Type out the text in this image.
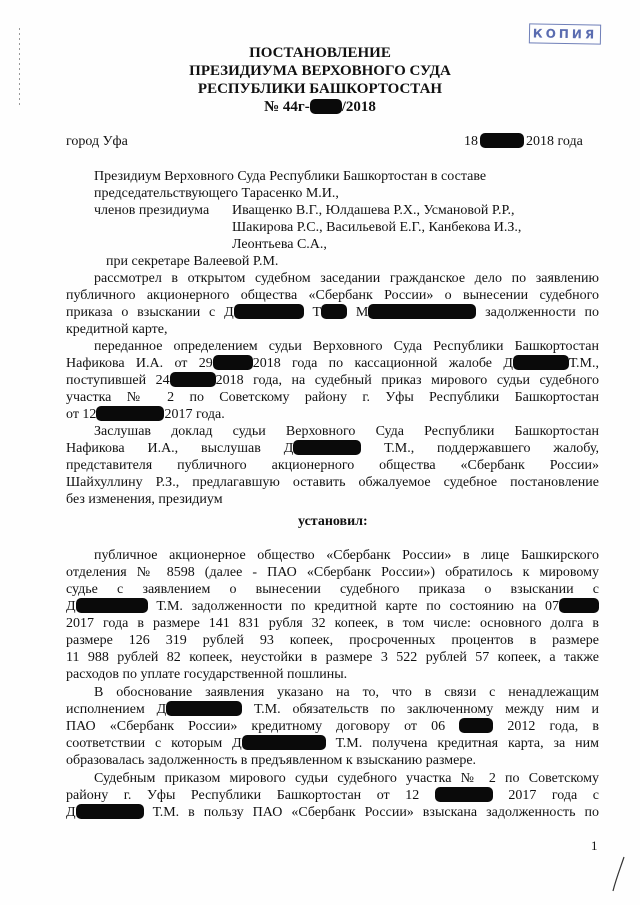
КОПИЯ
ПОСТАНОВЛЕНИЕ
ПРЕЗИДИУМА ВЕРХОВНОГО СУДА
РЕСПУБЛИКИ БАШКОРТОСТАН
№ 44г- /2018
город Уфа	18	2018 года
Президиум Верховного Суда Республики Башкортостан в составе
председательствующего Тарасенко М.И.,
членов президиума Иващенко В.Г., Юлдашева Р.Х., Усмановой Р.Р.,
Шакирова Р.С., Васильевой Е.Г., Канбекова И.З.,
Леонтьева С.А.,
при секретаре Валеевой Р.М.
рассмотрел в открытом судебном заседании гражданское дело по заявлению
публичного акционерного общества «Сбербанк России» о вынесении судебного
приказа о взыскании с Д	Т М	задолженности по
кредитной карте,
переданное определением судьи Верховного Суда Республики Башкортостан
Нафикова И.А. от 29	2018 года по кассационной жалобе Д	Т.М.,
поступившей 24	2018 года, на судебный приказ мирового судьи судебного
участка № 2 по Советскому району г. Уфы Республики Башкортостан
от 12	2017 года.
Заслушав доклад судьи Верховного Суда Республики Башкортостан
Нафикова И.А., выслушав Д	Т.М., поддержавшего жалобу,
представителя публичного акционерного общества «Сбербанк России»
Шайхуллину Р.З., предлагавшую оставить обжалуемое судебное постановление
без изменения, президиум
установил:
публичное акционерное общество «Сбербанк России» в лице Башкирского
отделения № 8598 (далее - ПАО «Сбербанк России») обратилось к мировому
судье с заявлением о вынесении судебного приказа о взыскании с
Д	Т.М. задолженности по кредитной карте по состоянию на 07
2017 года в размере 141 831 рубля 32 копеек, в том числе: основного долга в
размере 126 319 рублей 93 копеек, просроченных процентов в размере
11 988 рублей 82 копеек, неустойки в размере 3 522 рублей 57 копеек, а также
расходов по уплате государственной пошлины.
В обоснование заявления указано на то, что в связи с ненадлежащим
исполнением Д	Т.М. обязательств по заключенному между ним и
ПАО «Сбербанк России» кредитному договору от 06	2012 года, в
соответствии с которым Д	Т.М. получена кредитная карта, за ним
образовалась задолженность в предъявленном к взысканию размере.
Судебным приказом мирового судьи судебного участка № 2 по Советскому
району г. Уфы Республики Башкортостан от 12	2017 года с
Д	Т.М. в пользу ПАО «Сбербанк России» взыскана задолженность по
1
